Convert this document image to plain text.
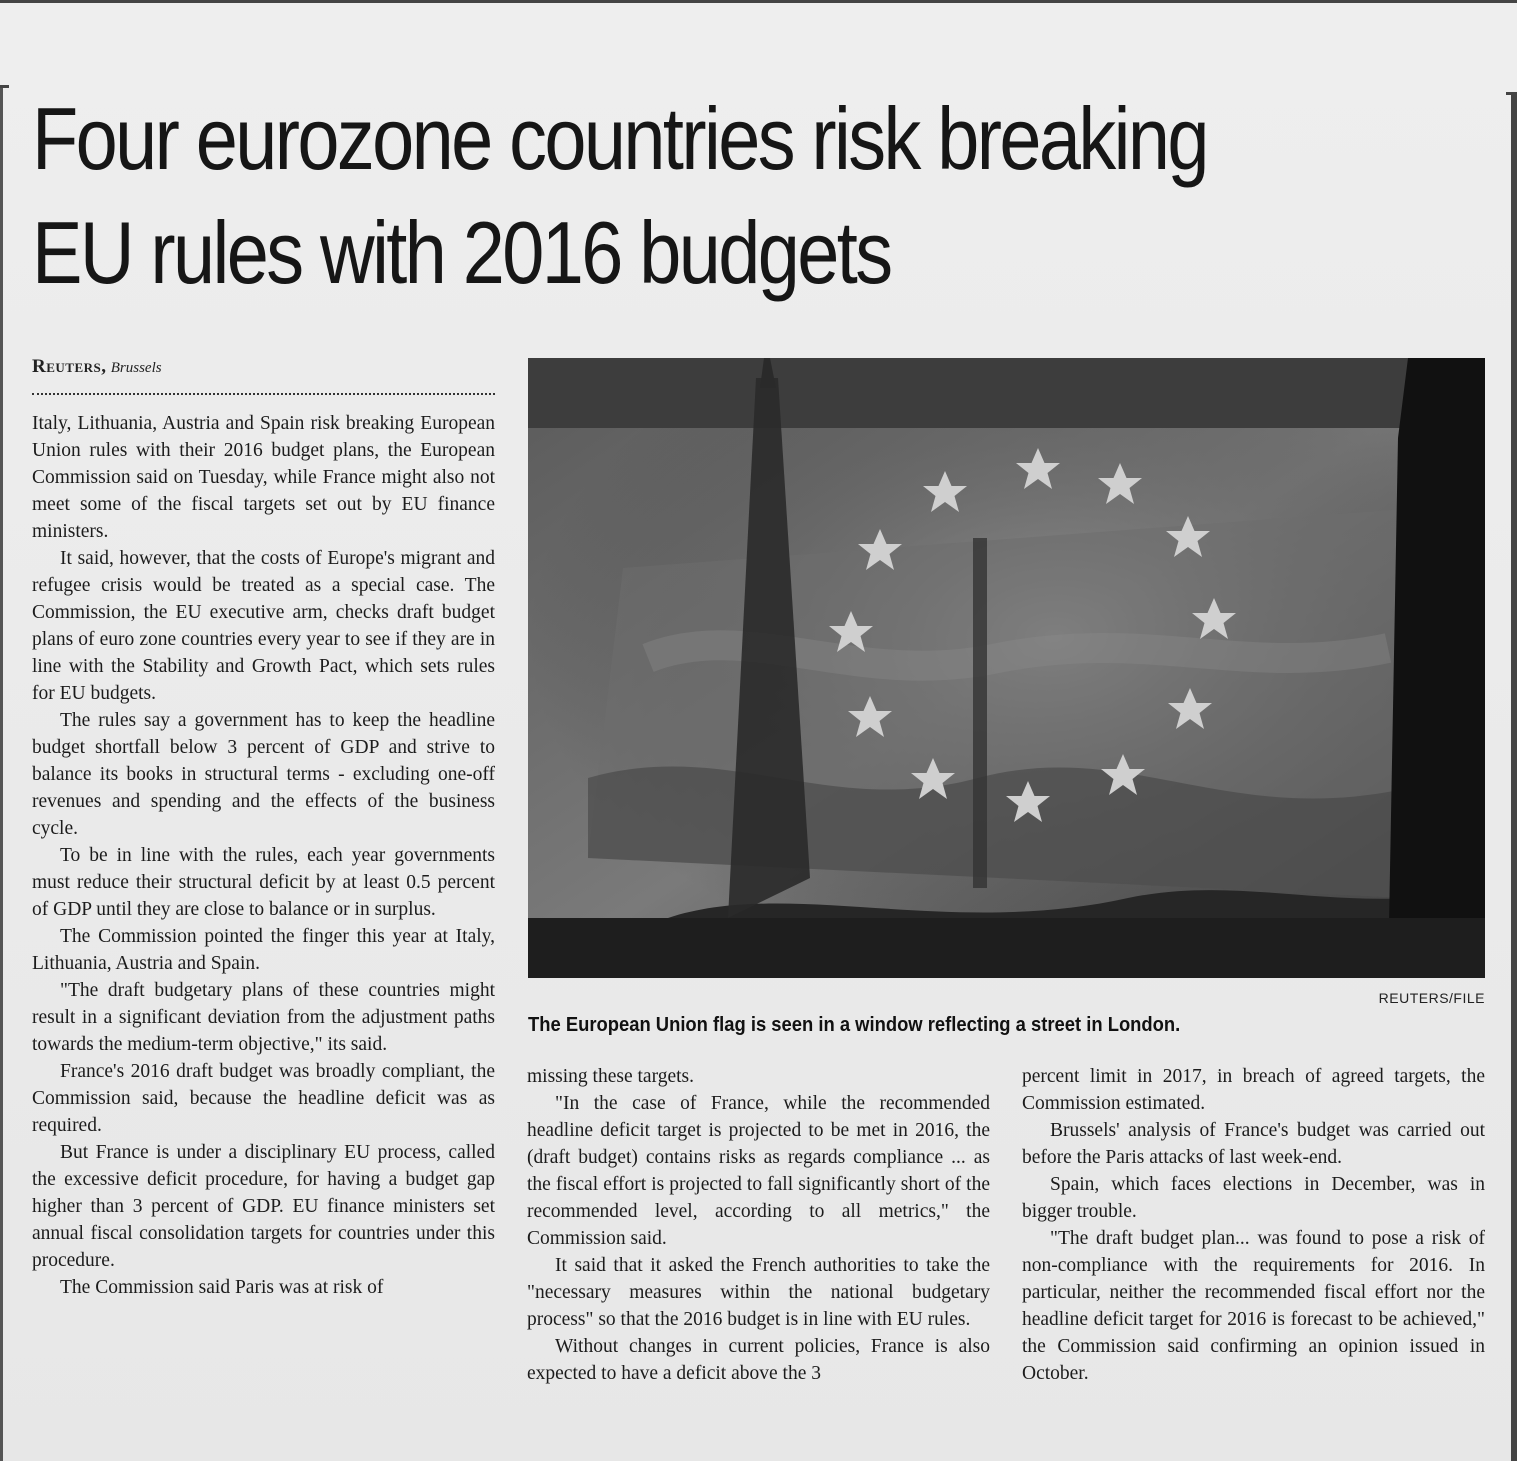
Four eurozone countries risk breaking
EU rules with 2016 budgets
Reuters, Brussels

Italy, Lithuania, Austria and Spain risk breaking European Union rules with their 2016 budget plans, the European Commission said on Tuesday, while France might also not meet some of the fiscal targets set out by EU finance ministers.

It said, however, that the costs of Europe's migrant and refugee crisis would be treated as a special case. The Commission, the EU executive arm, checks draft budget plans of euro zone countries every year to see if they are in line with the Stability and Growth Pact, which sets rules for EU budgets.

The rules say a government has to keep the headline budget shortfall below 3 percent of GDP and strive to balance its books in structural terms - excluding one-off revenues and spending and the effects of the business cycle.

To be in line with the rules, each year governments must reduce their structural deficit by at least 0.5 percent of GDP until they are close to balance or in surplus.

The Commission pointed the finger this year at Italy, Lithuania, Austria and Spain.

"The draft budgetary plans of these countries might result in a significant deviation from the adjustment paths towards the medium-term objective," its said.

France's 2016 draft budget was broadly compliant, the Commission said, because the headline deficit was as required.

But France is under a disciplinary EU process, called the excessive deficit procedure, for having a budget gap higher than 3 percent of GDP. EU finance ministers set annual fiscal consolidation targets for countries under this procedure.

The Commission said Paris was at risk of

REUTERS/FILE
The European Union flag is seen in a window reflecting a street in London.

missing these targets.

"In the case of France, while the recommended headline deficit target is projected to be met in 2016, the (draft budget) contains risks as regards compliance ... as the fiscal effort is projected to fall significantly short of the recommended level, according to all metrics," the Commission said.

It said that it asked the French authorities to take the "necessary measures within the national budgetary process" so that the 2016 budget is in line with EU rules.

Without changes in current policies, France is also expected to have a deficit above the 3

percent limit in 2017, in breach of agreed targets, the Commission estimated.

Brussels' analysis of France's budget was carried out before the Paris attacks of last week-end.

Spain, which faces elections in December, was in bigger trouble.

"The draft budget plan... was found to pose a risk of non-compliance with the requirements for 2016. In particular, neither the recommended fiscal effort nor the headline deficit target for 2016 is forecast to be achieved," the Commission said confirming an opinion issued in October.
